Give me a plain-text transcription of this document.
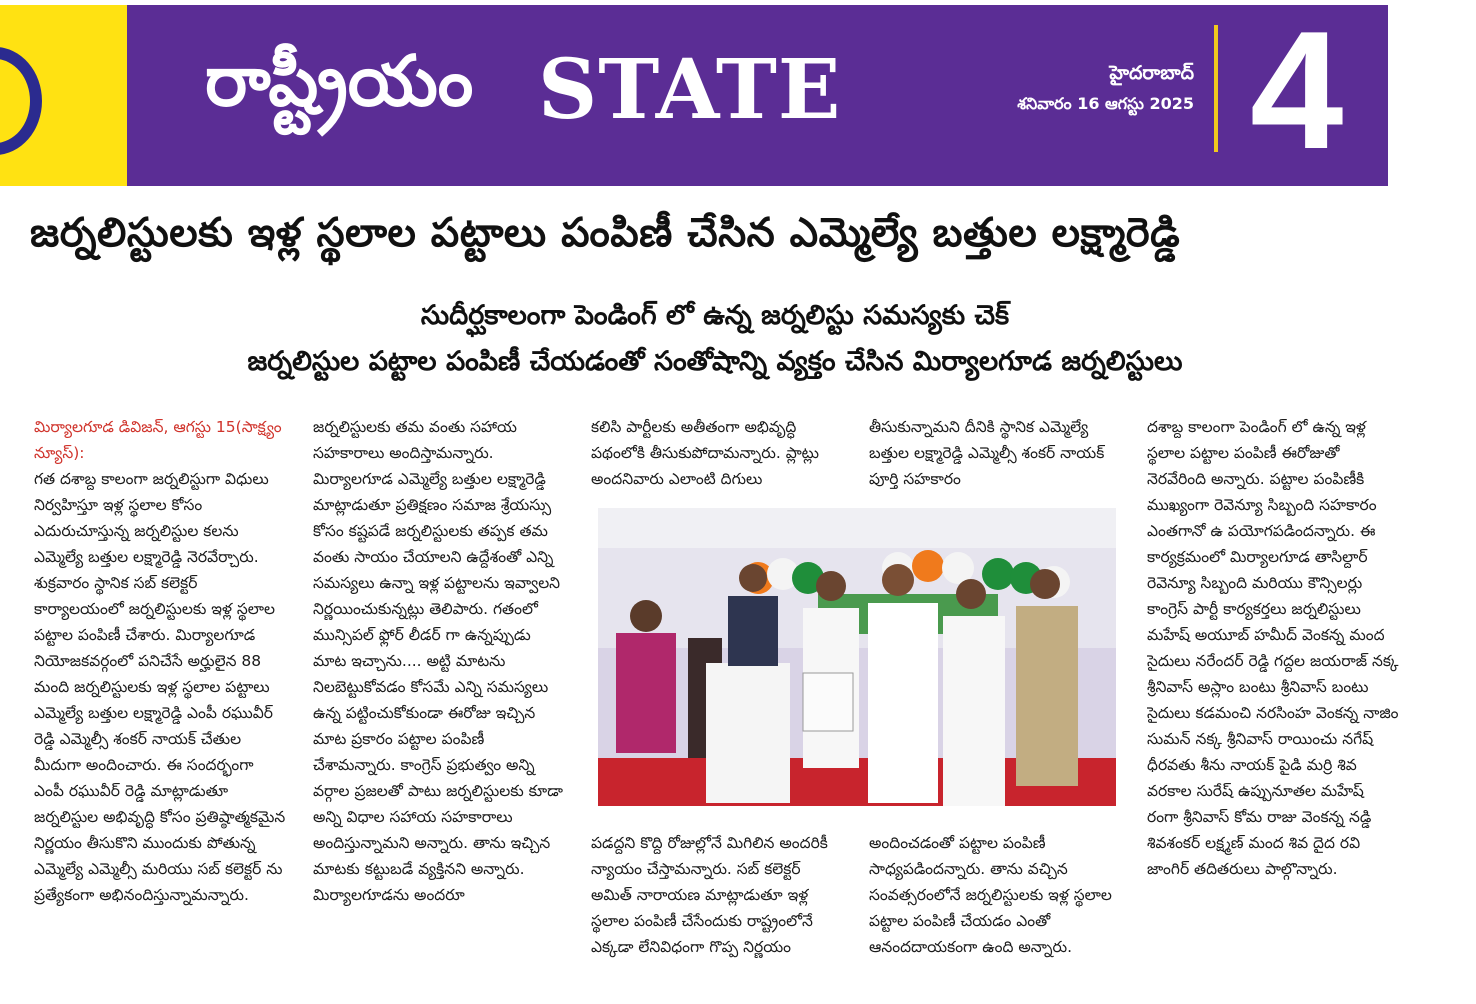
రాష్ట్రీయం STATE	హైదరాబాద్
శనివారం 16 ఆగస్టు 2025 4
జర్నలిస్టులకు ఇళ్ల స్థలాల పట్టాలు పంపిణీ చేసిన ఎమ్మెల్యే బత్తుల లక్ష్మారెడ్డి
సుదీర్ఘకాలంగా పెండింగ్ లో ఉన్న జర్నలిస్టు సమస్యకు చెక్
జర్నలిస్టుల పట్టాల పంపిణీ చేయడంతో సంతోషాన్ని వ్యక్తం చేసిన మిర్యాలగూడ జర్నలిస్టులు

మిర్యాలగూడ డివిజన్, ఆగస్టు 15(సాక్ష్యం న్యూస్):

గత దశాబ్ద కాలంగా జర్నలిస్టుగా విధులు నిర్వహిస్తూ ఇళ్ల స్థలాల కోసం ఎదురుచూస్తున్న జర్నలిస్టుల కలను ఎమ్మెల్యే బత్తుల లక్ష్మారెడ్డి నెరవేర్చారు. శుక్రవారం స్థానిక సబ్ కలెక్టర్ కార్యాలయంలో జర్నలిస్టులకు ఇళ్ల స్థలాల పట్టాల పంపిణీ చేశారు. మిర్యాలగూడ నియోజకవర్గంలో పనిచేసే అర్హులైన 88 మంది జర్నలిస్టులకు ఇళ్ల స్థలాల పట్టాలు ఎమ్మెల్యే బత్తుల లక్ష్మారెడ్డి ఎంపీ రఘువీర్ రెడ్డి ఎమ్మెల్సీ శంకర్ నాయక్ చేతుల మీదుగా అందించారు. ఈ సందర్భంగా ఎంపీ రఘువీర్ రెడ్డి మాట్లాడుతూ జర్నలిస్టుల అభివృద్ధి కోసం ప్రతిష్ఠాత్మకమైన నిర్ణయం తీసుకొని ముందుకు పోతున్న ఎమ్మెల్యే ఎమ్మెల్సీ మరియు సబ్ కలెక్టర్ ను ప్రత్యేకంగా అభినందిస్తున్నామన్నారు.

జర్నలిస్టులకు తమ వంతు సహాయ సహకారాలు అందిస్తామన్నారు. మిర్యాలగూడ ఎమ్మెల్యే బత్తుల లక్ష్మారెడ్డి మాట్లాడుతూ ప్రతిక్షణం సమాజ శ్రేయస్సు కోసం కష్టపడే జర్నలిస్టులకు తప్పక తమ వంతు సాయం చేయాలని ఉద్దేశంతో ఎన్ని సమస్యలు ఉన్నా ఇళ్ల పట్టాలను ఇవ్వాలని నిర్ణయించుకున్నట్లు తెలిపారు. గతంలో మున్సిపల్ ఫ్లోర్ లీడర్ గా ఉన్నప్పుడు మాట ఇచ్చాను.... అట్టి మాటను నిలబెట్టుకోవడం కోసమే ఎన్ని సమస్యలు ఉన్న పట్టించుకోకుండా ఈరోజు ఇచ్చిన మాట ప్రకారం పట్టాల పంపిణీ చేశామన్నారు. కాంగ్రెస్ ప్రభుత్వం అన్ని వర్గాల ప్రజలతో పాటు జర్నలిస్టులకు కూడా అన్ని విధాల సహాయ సహకారాలు అందిస్తున్నామని అన్నారు. తాను ఇచ్చిన మాటకు కట్టుబడే వ్యక్తినని అన్నారు. మిర్యాలగూడను అందరూ

కలిసి పార్టీలకు అతీతంగా అభివృద్ధి పథంలోకి తీసుకుపోదామన్నారు. ప్లాట్లు అందనివారు ఎలాంటి దిగులు

తీసుకున్నామని దీనికి స్థానిక ఎమ్మెల్యే బత్తుల లక్ష్మారెడ్డి ఎమ్మెల్సీ శంకర్ నాయక్ పూర్తి సహకారం

పడద్దని కొద్ది రోజుల్లోనే మిగిలిన అందరికీ న్యాయం చేస్తామన్నారు. సబ్ కలెక్టర్ అమిత్ నారాయణ మాట్లాడుతూ ఇళ్ల స్థలాల పంపిణీ చేసేందుకు రాష్ట్రంలోనే ఎక్కడా లేనివిధంగా గొప్ప నిర్ణయం

అందించడంతో పట్టాల పంపిణీ సాధ్యపడిందన్నారు. తాను వచ్చిన సంవత్సరంలోనే జర్నలిస్టులకు ఇళ్ల స్థలాల పట్టాల పంపిణీ చేయడం ఎంతో ఆనందదాయకంగా ఉంది అన్నారు.

దశాబ్ద కాలంగా పెండింగ్ లో ఉన్న ఇళ్ల స్థలాల పట్టాల పంపిణీ ఈరోజుతో నెరవేరింది అన్నారు. పట్టాల పంపిణీకి ముఖ్యంగా రెవెన్యూ సిబ్బంది సహకారం ఎంతగానో ఉ పయోగపడిందన్నారు. ఈ కార్యక్రమంలో మిర్యాలగూడ తాసిల్దార్ రెవెన్యూ సిబ్బంది మరియు కౌన్సిలర్లు కాంగ్రెస్ పార్టీ కార్యకర్తలు జర్నలిస్టులు మహేష్ అయూబ్ హమీద్ వెంకన్న మంద సైదులు నరేందర్ రెడ్డి గద్దల జయరాజ్ నక్క శ్రీనివాస్ అస్లాం బంటు శ్రీనివాస్ బంటు సైదులు కడమంచి నరసింహ వెంకన్న నాజిం సుమన్ నక్క శ్రీనివాస్ రాయించు నగేష్ ధీరవతు శీను నాయక్ పైడి మర్రి శివ వరకాల సురేష్ ఉప్పునూతల మహేష్ రంగా శ్రీనివాస్ కోమ రాజు వెంకన్న నడ్డి శివశంకర్ లక్ష్మణ్ మంద శివ దైద రవి జాంగిర్ తదితరులు పాల్గొన్నారు.
